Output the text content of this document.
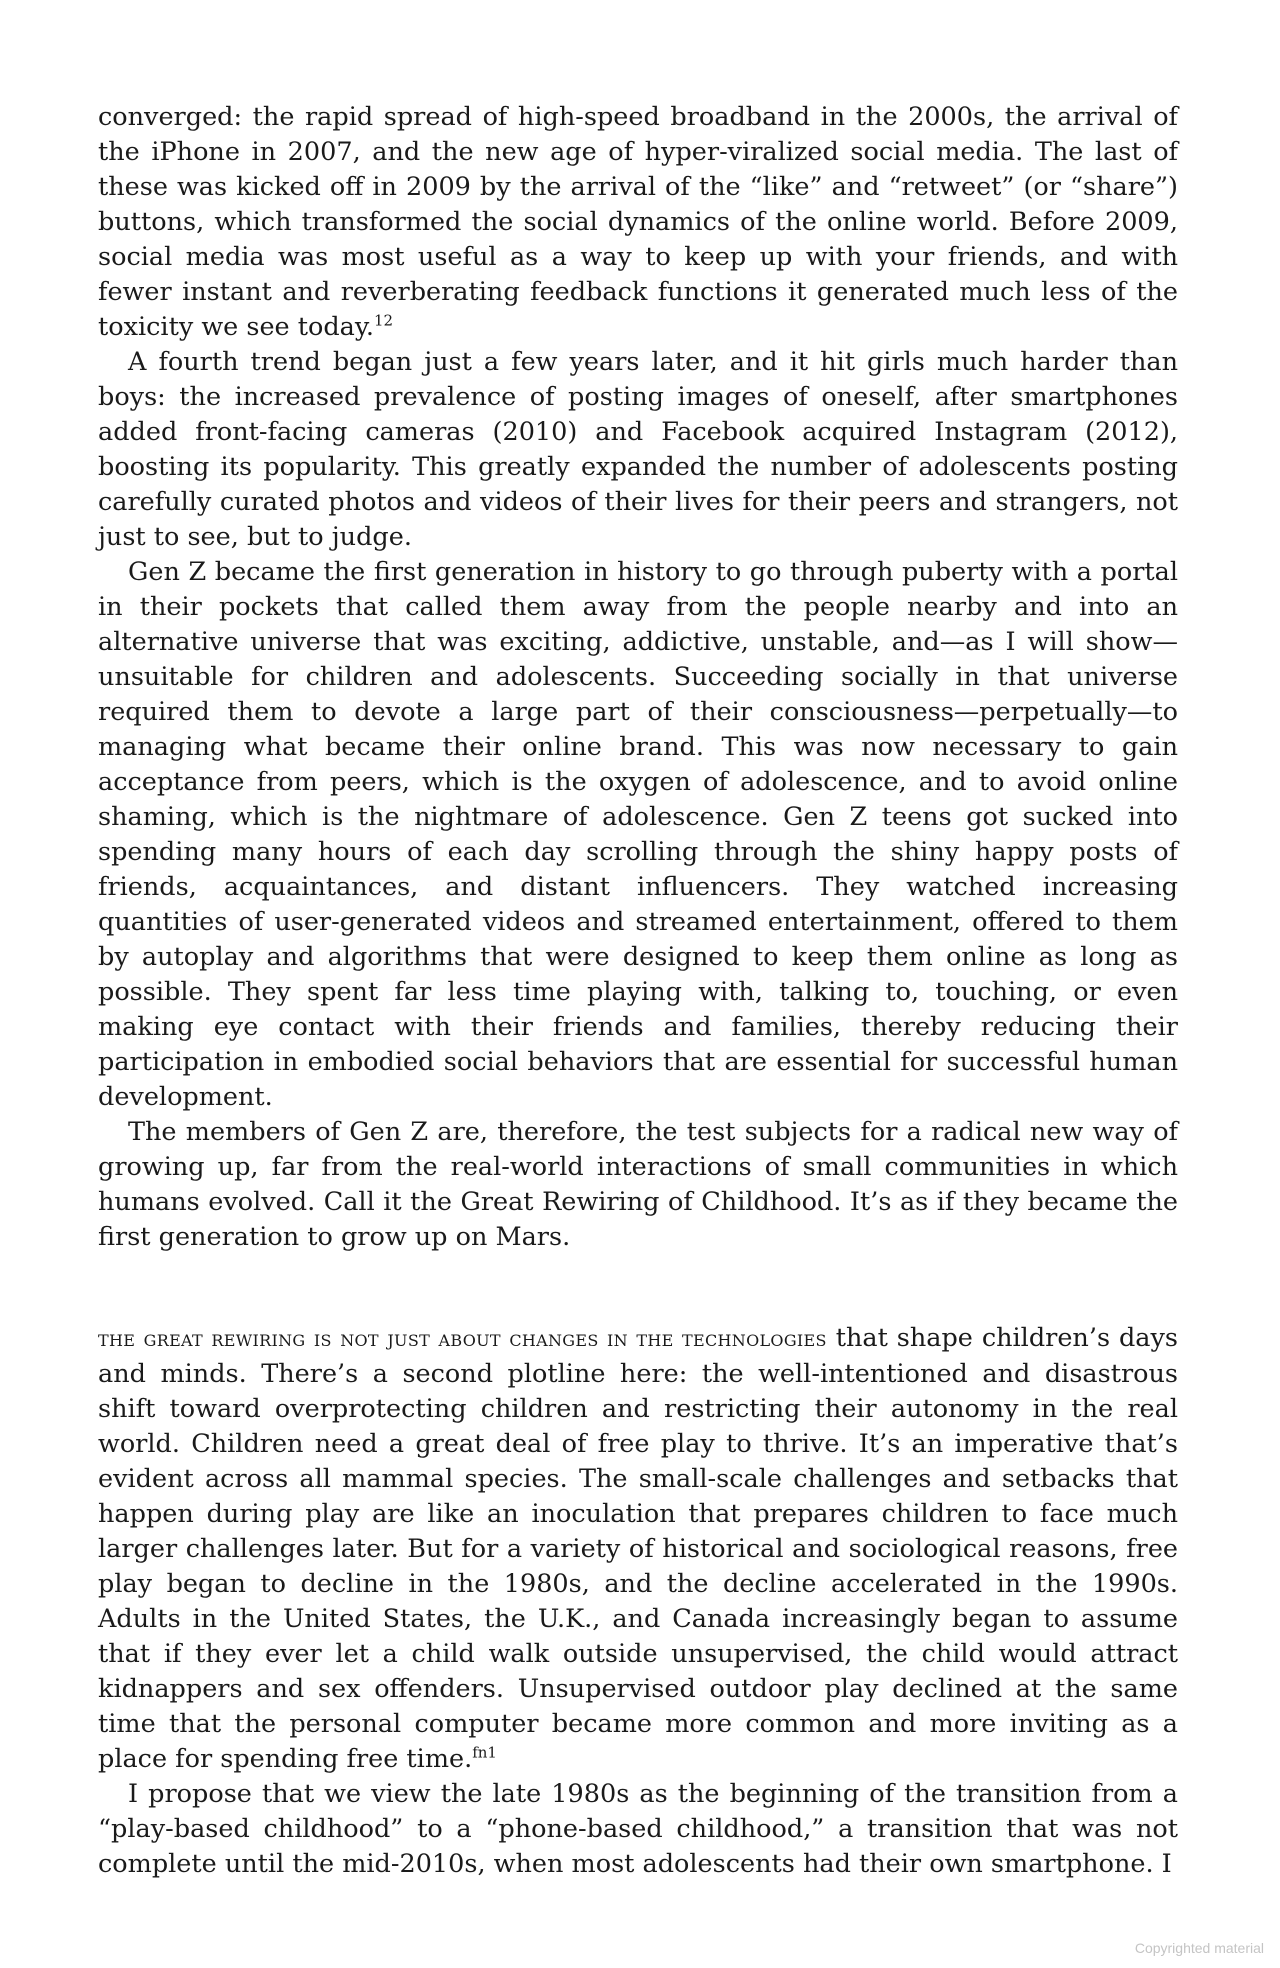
converged: the rapid spread of high-speed broadband in the 2000s, the arrival of the iPhone in 2007, and the new age of hyper-viralized social media. The last of these was kicked off in 2009 by the arrival of the “like” and “retweet” (or “share”) buttons, which transformed the social dynamics of the online world. Before 2009, social media was most useful as a way to keep up with your friends, and with fewer instant and reverberating feedback functions it generated much less of the toxicity we see today.$^{12}$

A fourth trend began just a few years later, and it hit girls much harder than boys: the increased prevalence of posting images of oneself, after smartphones added front-facing cameras (2010) and Facebook acquired Instagram (2012), boosting its popularity. This greatly expanded the number of adolescents posting carefully curated photos and videos of their lives for their peers and strangers, not just to see, but to judge.

Gen Z became the first generation in history to go through puberty with a portal in their pockets that called them away from the people nearby and into an alternative universe that was exciting, addictive, unstable, and—as I will show—unsuitable for children and adolescents. Succeeding socially in that universe required them to devote a large part of their consciousness—perpetually—to managing what became their online brand. This was now necessary to gain acceptance from peers, which is the oxygen of adolescence, and to avoid online shaming, which is the nightmare of adolescence. Gen Z teens got sucked into spending many hours of each day scrolling through the shiny happy posts of friends, acquaintances, and distant influencers. They watched increasing quantities of user-generated videos and streamed entertainment, offered to them by autoplay and algorithms that were designed to keep them online as long as possible. They spent far less time playing with, talking to, touching, or even making eye contact with their friends and families, thereby reducing their participation in embodied social behaviors that are essential for successful human development.

The members of Gen Z are, therefore, the test subjects for a radical new way of growing up, far from the real-world interactions of small communities in which humans evolved. Call it the Great Rewiring of Childhood. It’s as if they became the first generation to grow up on Mars.

the great rewiring is not just about changes in the technologies that shape children’s days and minds. There’s a second plotline here: the well-intentioned and disastrous shift toward overprotecting children and restricting their autonomy in the real world. Children need a great deal of free play to thrive. It’s an imperative that’s evident across all mammal species. The small-scale challenges and setbacks that happen during play are like an inoculation that prepares children to face much larger challenges later. But for a variety of historical and sociological reasons, free play began to decline in the 1980s, and the decline accelerated in the 1990s. Adults in the United States, the U.K., and Canada increasingly began to assume that if they ever let a child walk outside unsupervised, the child would attract kidnappers and sex offenders. Unsupervised outdoor play declined at the same time that the personal computer became more common and more inviting as a place for spending free time.$^{fn1}$

I propose that we view the late 1980s as the beginning of the transition from a “play-based childhood” to a “phone-based childhood,” a transition that was not complete until the mid-2010s, when most adolescents had their own smartphone. I

Copyrighted material
